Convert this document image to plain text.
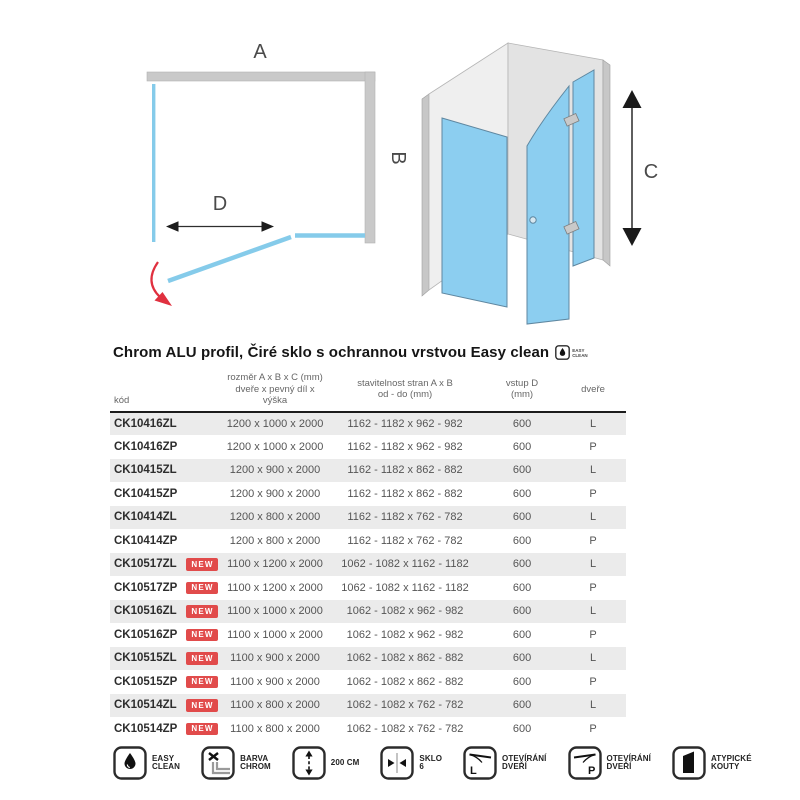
A
B
D
C
Chrom ALU profil, Čiré sklo s ochrannou vrstvou Easy clean	EASY
CLEAN
kód	
rozměr A x B x C (mm)
dveře x pevný díl x výška

stavitelnost stran A x B
od - do (mm)

vstup D
(mm)
	dveře
CK10416ZL		1200 x 1000 x 2000	1162 - 1182 x 962 - 982	600	L
CK10416ZP		1200 x 1000 x 2000	1162 - 1182 x 962 - 982	600	P
CK10415ZL		1200 x 900 x 2000	1162 - 1182 x 862 - 882	600	L
CK10415ZP		1200 x 900 x 2000	1162 - 1182 x 862 - 882	600	P
CK10414ZL		1200 x 800 x 2000	1162 - 1182 x 762 - 782	600	L
CK10414ZP		1200 x 800 x 2000	1162 - 1182 x 762 - 782	600	P
CK10517ZL	NEW	1100 x 1200 x 2000	1062 - 1082 x 1162 - 1182	600	L
CK10517ZP	NEW	1100 x 1200 x 2000	1062 - 1082 x 1162 - 1182	600	P
CK10516ZL	NEW	1100 x 1000 x 2000	1062 - 1082 x 962 - 982	600	L
CK10516ZP	NEW	1100 x 1000 x 2000	1062 - 1082 x 962 - 982	600	P
CK10515ZL	NEW	1100 x 900 x 2000	1062 - 1082 x 862 - 882	600	L
CK10515ZP	NEW	1100 x 900 x 2000	1062 - 1082 x 862 - 882	600	P
CK10514ZL	NEW	1100 x 800 x 2000	1062 - 1082 x 762 - 782	600	L
CK10514ZP	NEW	1100 x 800 x 2000	1062 - 1082 x 762 - 782	600	P
EASY
CLEAN
BARVA
CHROM	200 CM	SKLO
6	L
OTEVÍRÁNÍ
DVEŘÍ	P
OTEVÍRÁNÍ
DVEŘÍ
ATYPICKÉ
KOUTY
